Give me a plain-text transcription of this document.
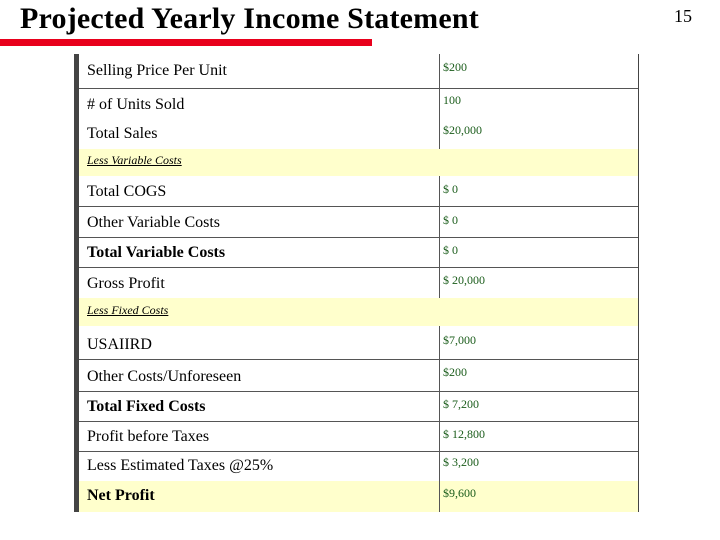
Projected Yearly Income Statement	15
Selling Price Per Unit	$200
# of Units Sold	100
Total Sales	$20,000
Less Variable Costs
Total COGS	$ 0
Other Variable Costs	$ 0
Total Variable Costs	$ 0
Gross Profit	$ 20,000
Less Fixed Costs
USAIIRD	$7,000
Other Costs/Unforeseen	$200
Total Fixed Costs	$ 7,200
Profit before Taxes	$ 12,800
Less Estimated Taxes @25%	$ 3,200
Net Profit	$9,600
